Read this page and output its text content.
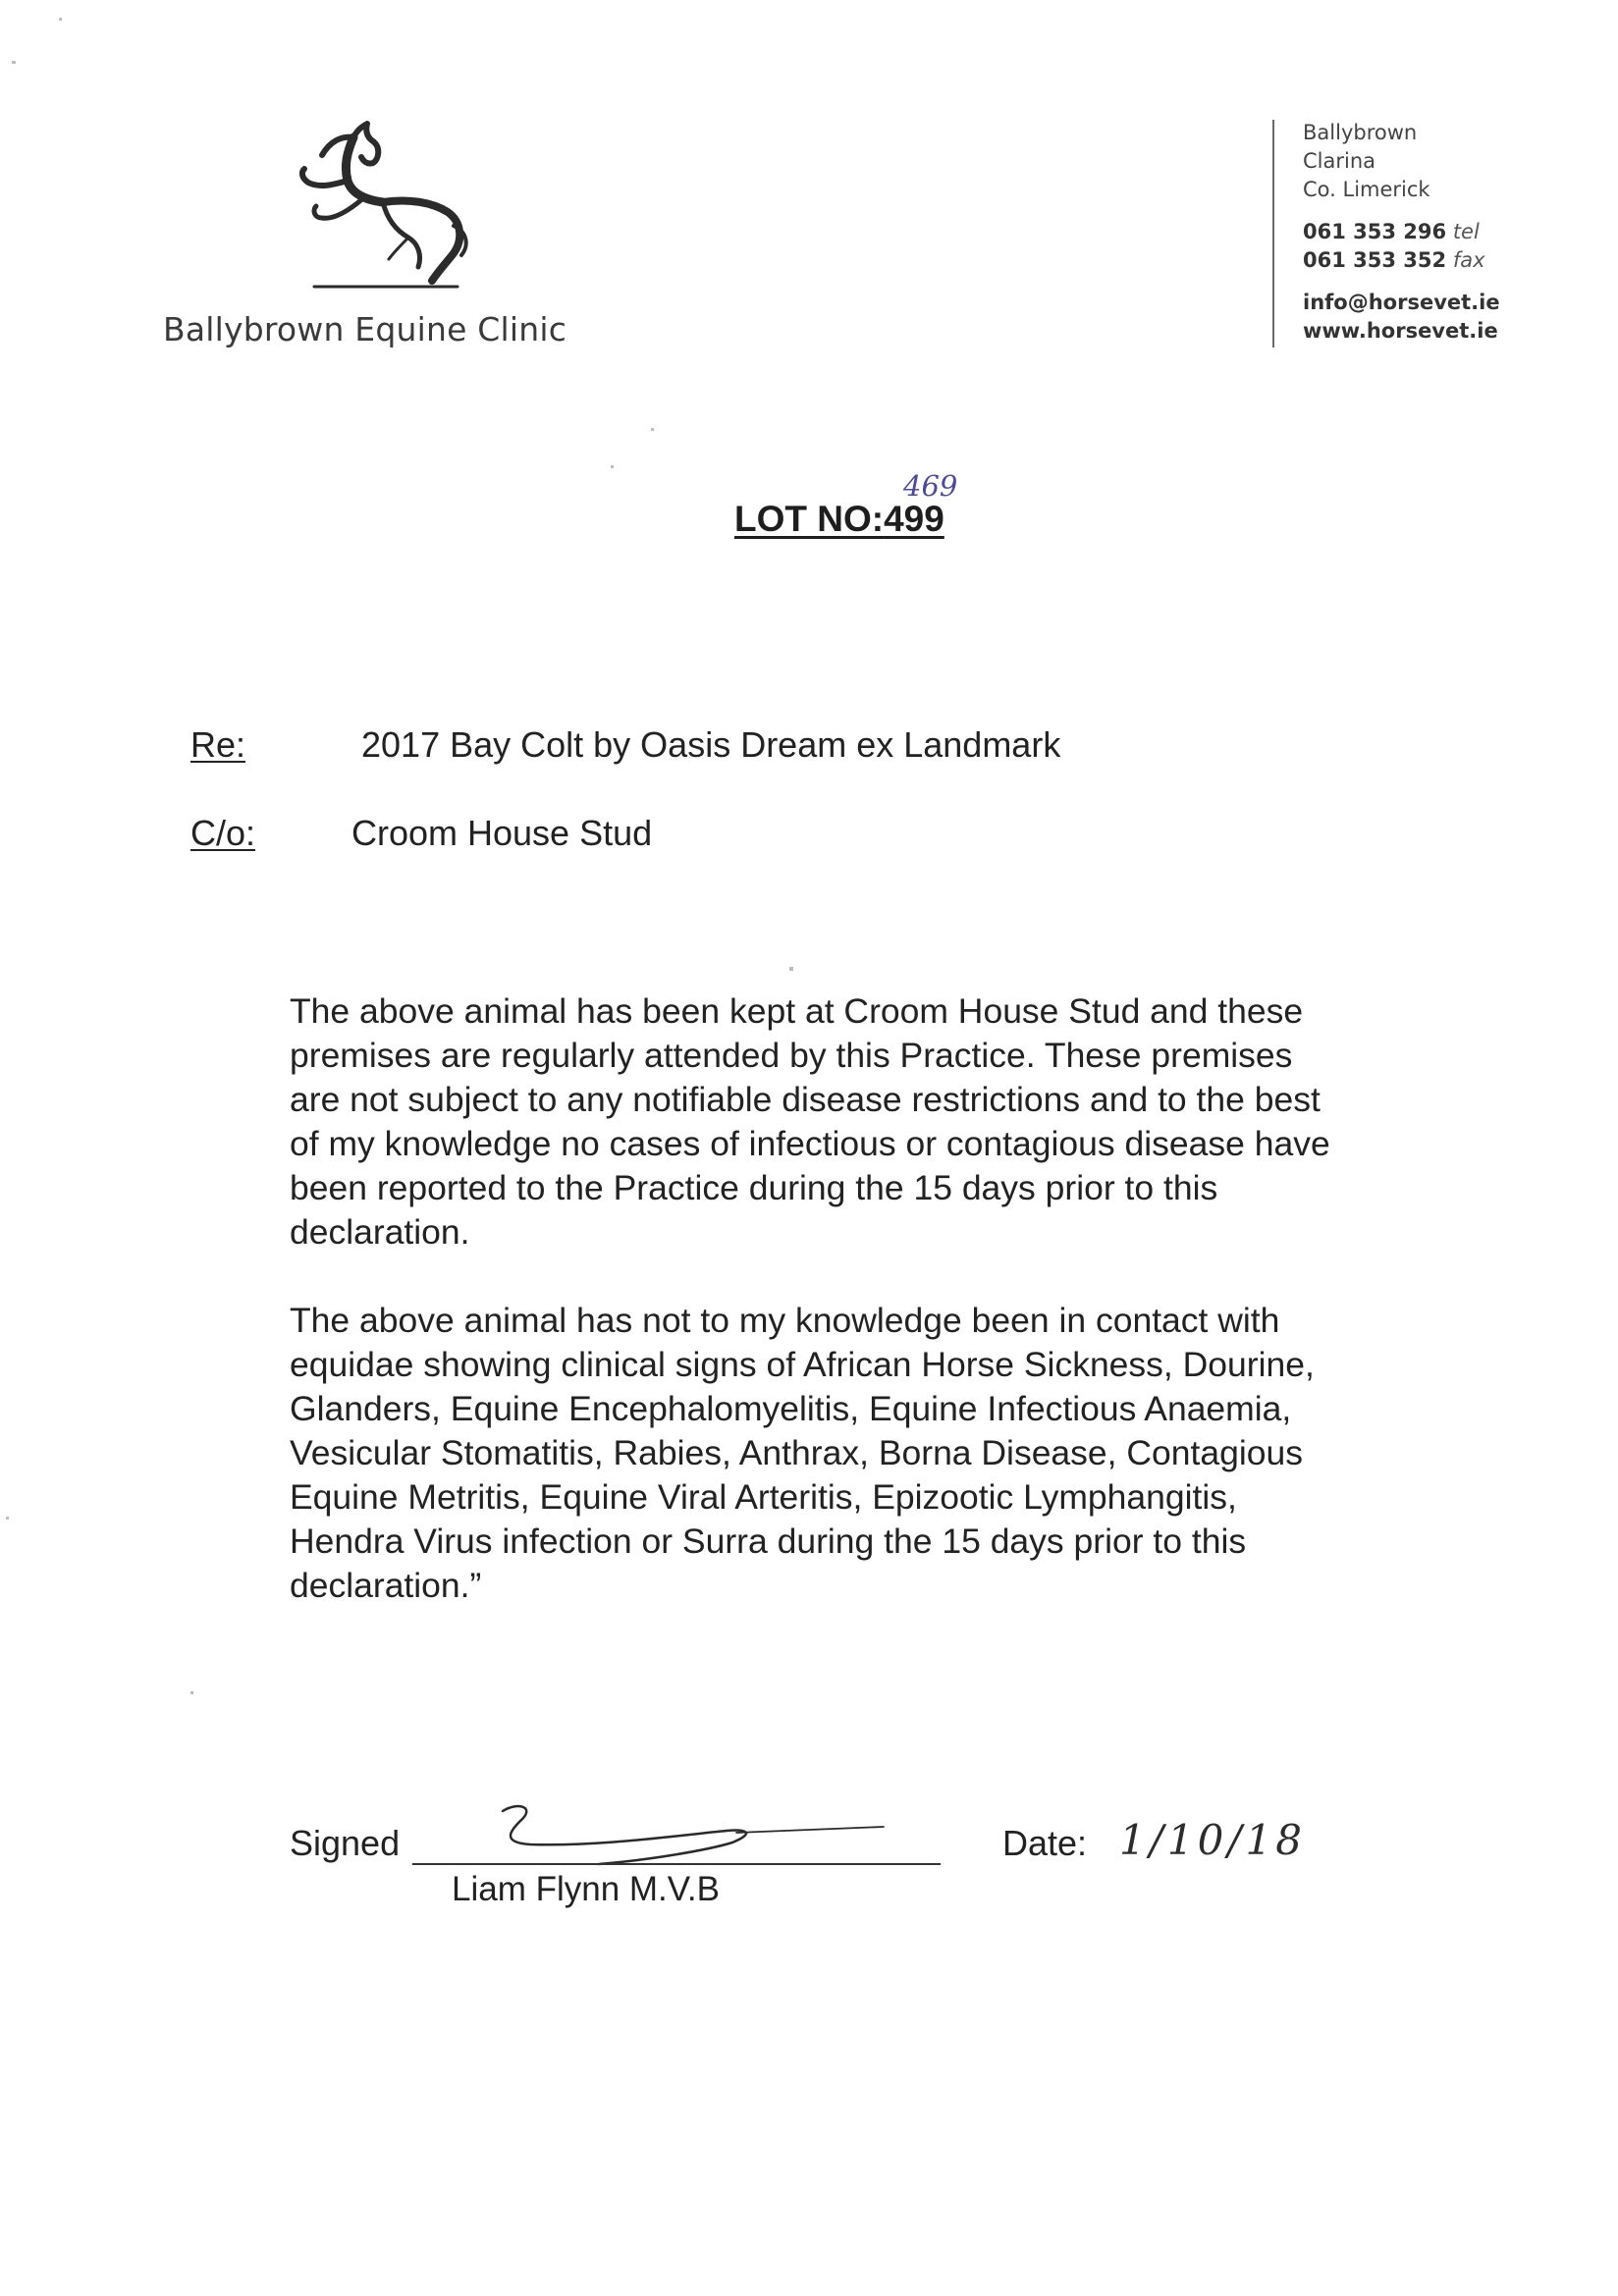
Ballybrown Equine Clinic
Ballybrown
Clarina
Co. Limerick
061 353 296 tel
061 353 352 fax
info@horsevet.ie
www.horsevet.ie
LOT NO:499
469
Re:	2017 Bay Colt by Oasis Dream ex Landmark
C/o:	Croom House Stud
The above animal has been kept at Croom House Stud and these premises are regularly attended by this Practice. These premises are not subject to any notifiable disease restrictions and to the best of my knowledge no cases of infectious or contagious disease have been reported to the Practice during the 15 days prior to this declaration.
The above animal has not to my knowledge been in contact with equidae showing clinical signs of African Horse Sickness, Dourine, Glanders, Equine Encephalomyelitis, Equine Infectious Anaemia, Vesicular Stomatitis, Rabies, Anthrax, Borna Disease, Contagious Equine Metritis, Equine Viral Arteritis, Epizootic Lymphangitis, Hendra Virus infection or Surra during the 15 days prior to this declaration.”
Signed
Liam Flynn M.V.B
Date: 1/10/18
